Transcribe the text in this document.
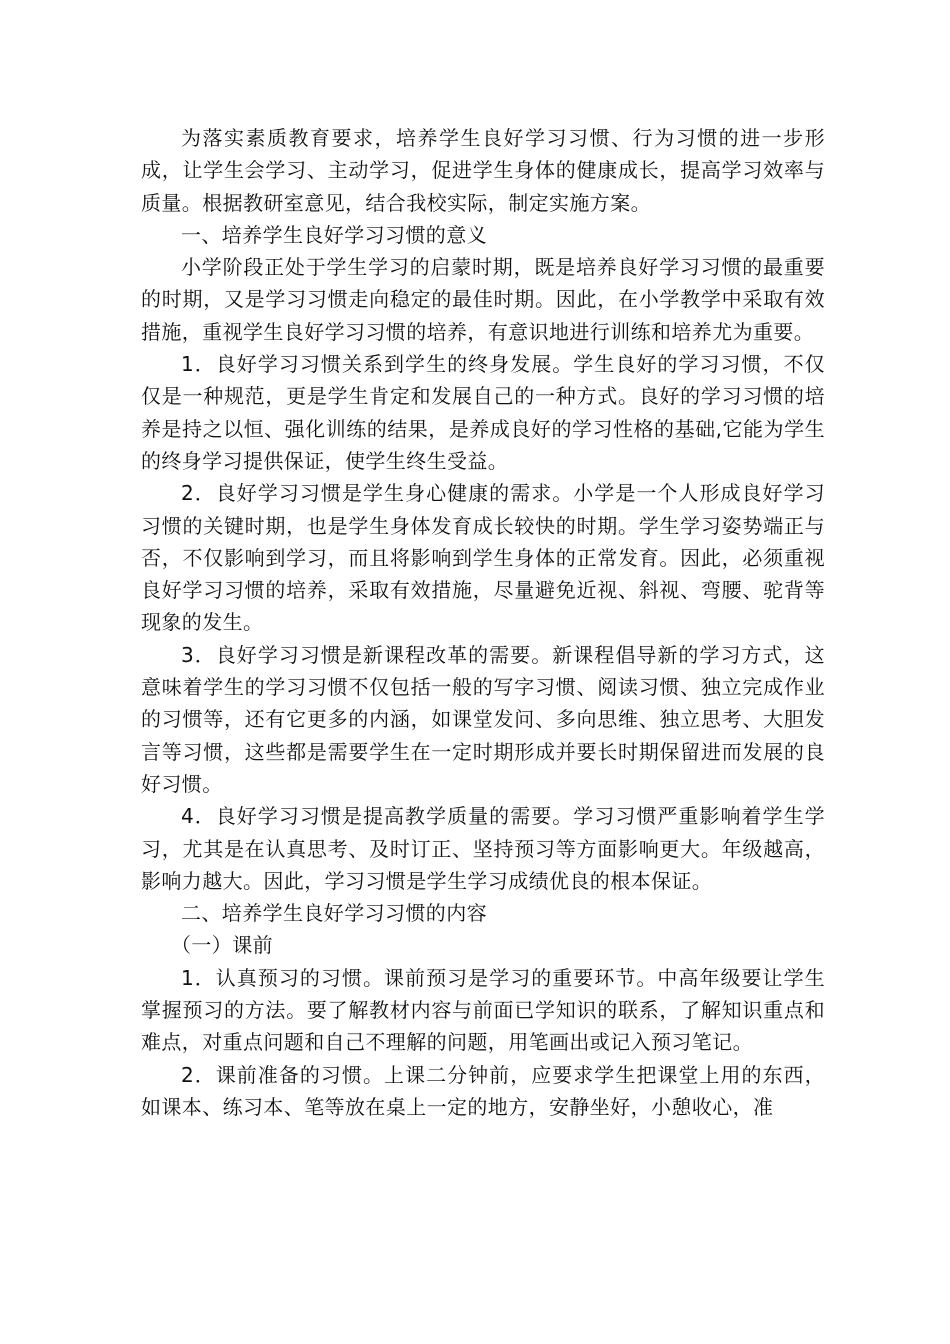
为落实素质教育要求，培养学生良好学习习惯、行为习惯的进一步形成，让学生会学习、主动学习，促进学生身体的健康成长，提高学习效率与质量。根据教研室意见，结合我校实际，制定实施方案。

一、培养学生良好学习习惯的意义

小学阶段正处于学生学习的启蒙时期，既是培养良好学习习惯的最重要的时期，又是学习习惯走向稳定的最佳时期。因此，在小学教学中采取有效措施，重视学生良好学习习惯的培养，有意识地进行训练和培养尤为重要。

1．良好学习习惯关系到学生的终身发展。学生良好的学习习惯，不仅仅是一种规范，更是学生肯定和发展自己的一种方式。良好的学习习惯的培养是持之以恒、强化训练的结果，是养成良好的学习性格的基础,它能为学生的终身学习提供保证，使学生终生受益。

2．良好学习习惯是学生身心健康的需求。小学是一个人形成良好学习习惯的关键时期，也是学生身体发育成长较快的时期。学生学习姿势端正与否，不仅影响到学习，而且将影响到学生身体的正常发育。因此，必须重视良好学习习惯的培养，采取有效措施，尽量避免近视、斜视、弯腰、驼背等现象的发生。

3．良好学习习惯是新课程改革的需要。新课程倡导新的学习方式，这意味着学生的学习习惯不仅包括一般的写字习惯、阅读习惯、独立完成作业的习惯等，还有它更多的内涵，如课堂发问、多向思维、独立思考、大胆发言等习惯，这些都是需要学生在一定时期形成并要长时期保留进而发展的良好习惯。

4．良好学习习惯是提高教学质量的需要。学习习惯严重影响着学生学习，尤其是在认真思考、及时订正、坚持预习等方面影响更大。年级越高，影响力越大。因此，学习习惯是学生学习成绩优良的根本保证。

二、培养学生良好学习习惯的内容

（一）课前

1．认真预习的习惯。课前预习是学习的重要环节。中高年级要让学生掌握预习的方法。要了解教材内容与前面已学知识的联系，了解知识重点和难点，对重点问题和自己不理解的问题，用笔画出或记入预习笔记。

2．课前准备的习惯。上课二分钟前，应要求学生把课堂上用的东西，如课本、练习本、笔等放在桌上一定的地方，安静坐好，小憩收心，准
